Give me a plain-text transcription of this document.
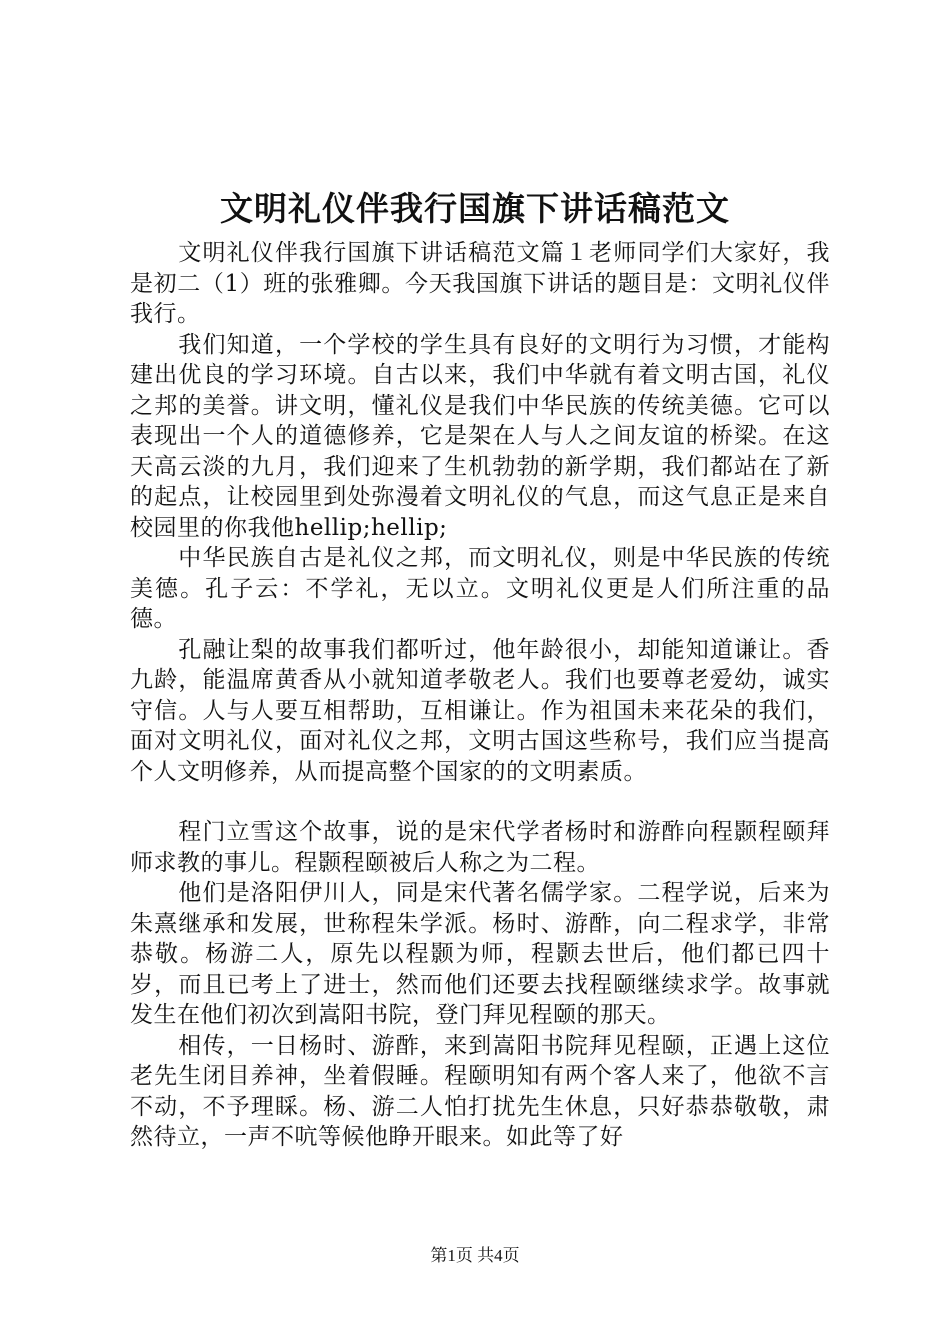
文明礼仪伴我行国旗下讲话稿范文

文明礼仪伴我行国旗下讲话稿范文篇１老师同学们大家好，我是初二（1）班的张雅卿。今天我国旗下讲话的题目是：文明礼仪伴我行。

我们知道，一个学校的学生具有良好的文明行为习惯，才能构建出优良的学习环境。自古以来，我们中华就有着文明古国，礼仪之邦的美誉。讲文明，懂礼仪是我们中华民族的传统美德。它可以表现出一个人的道德修养，它是架在人与人之间友谊的桥梁。在这天高云淡的九月，我们迎来了生机勃勃的新学期，我们都站在了新的起点，让校园里到处弥漫着文明礼仪的气息，而这气息正是来自校园里的你我他hellip;hellip;

中华民族自古是礼仪之邦，而文明礼仪，则是中华民族的传统美德。孔子云：不学礼，无以立。文明礼仪更是人们所注重的品德。

孔融让梨的故事我们都听过，他年龄很小，却能知道谦让。香九龄，能温席黄香从小就知道孝敬老人。我们也要尊老爱幼，诚实守信。人与人要互相帮助，互相谦让。作为祖国未来花朵的我们，面对文明礼仪，面对礼仪之邦，文明古国这些称号，我们应当提高个人文明修养，从而提高整个国家的的文明素质。

程门立雪这个故事，说的是宋代学者杨时和游酢向程颢程颐拜师求教的事儿。程颢程颐被后人称之为二程。

他们是洛阳伊川人，同是宋代著名儒学家。二程学说，后来为朱熹继承和发展，世称程朱学派。杨时、游酢，向二程求学，非常恭敬。杨游二人，原先以程颢为师，程颢去世后，他们都已四十岁，而且已考上了进士，然而他们还要去找程颐继续求学。故事就发生在他们初次到嵩阳书院，登门拜见程颐的那天。

相传，一日杨时、游酢，来到嵩阳书院拜见程颐，正遇上这位老先生闭目养神，坐着假睡。程颐明知有两个客人来了，他欲不言不动，不予理睬。杨、游二人怕打扰先生休息，只好恭恭敬敬，肃然待立，一声不吭等候他睁开眼来。如此等了好

第1页 共4页
